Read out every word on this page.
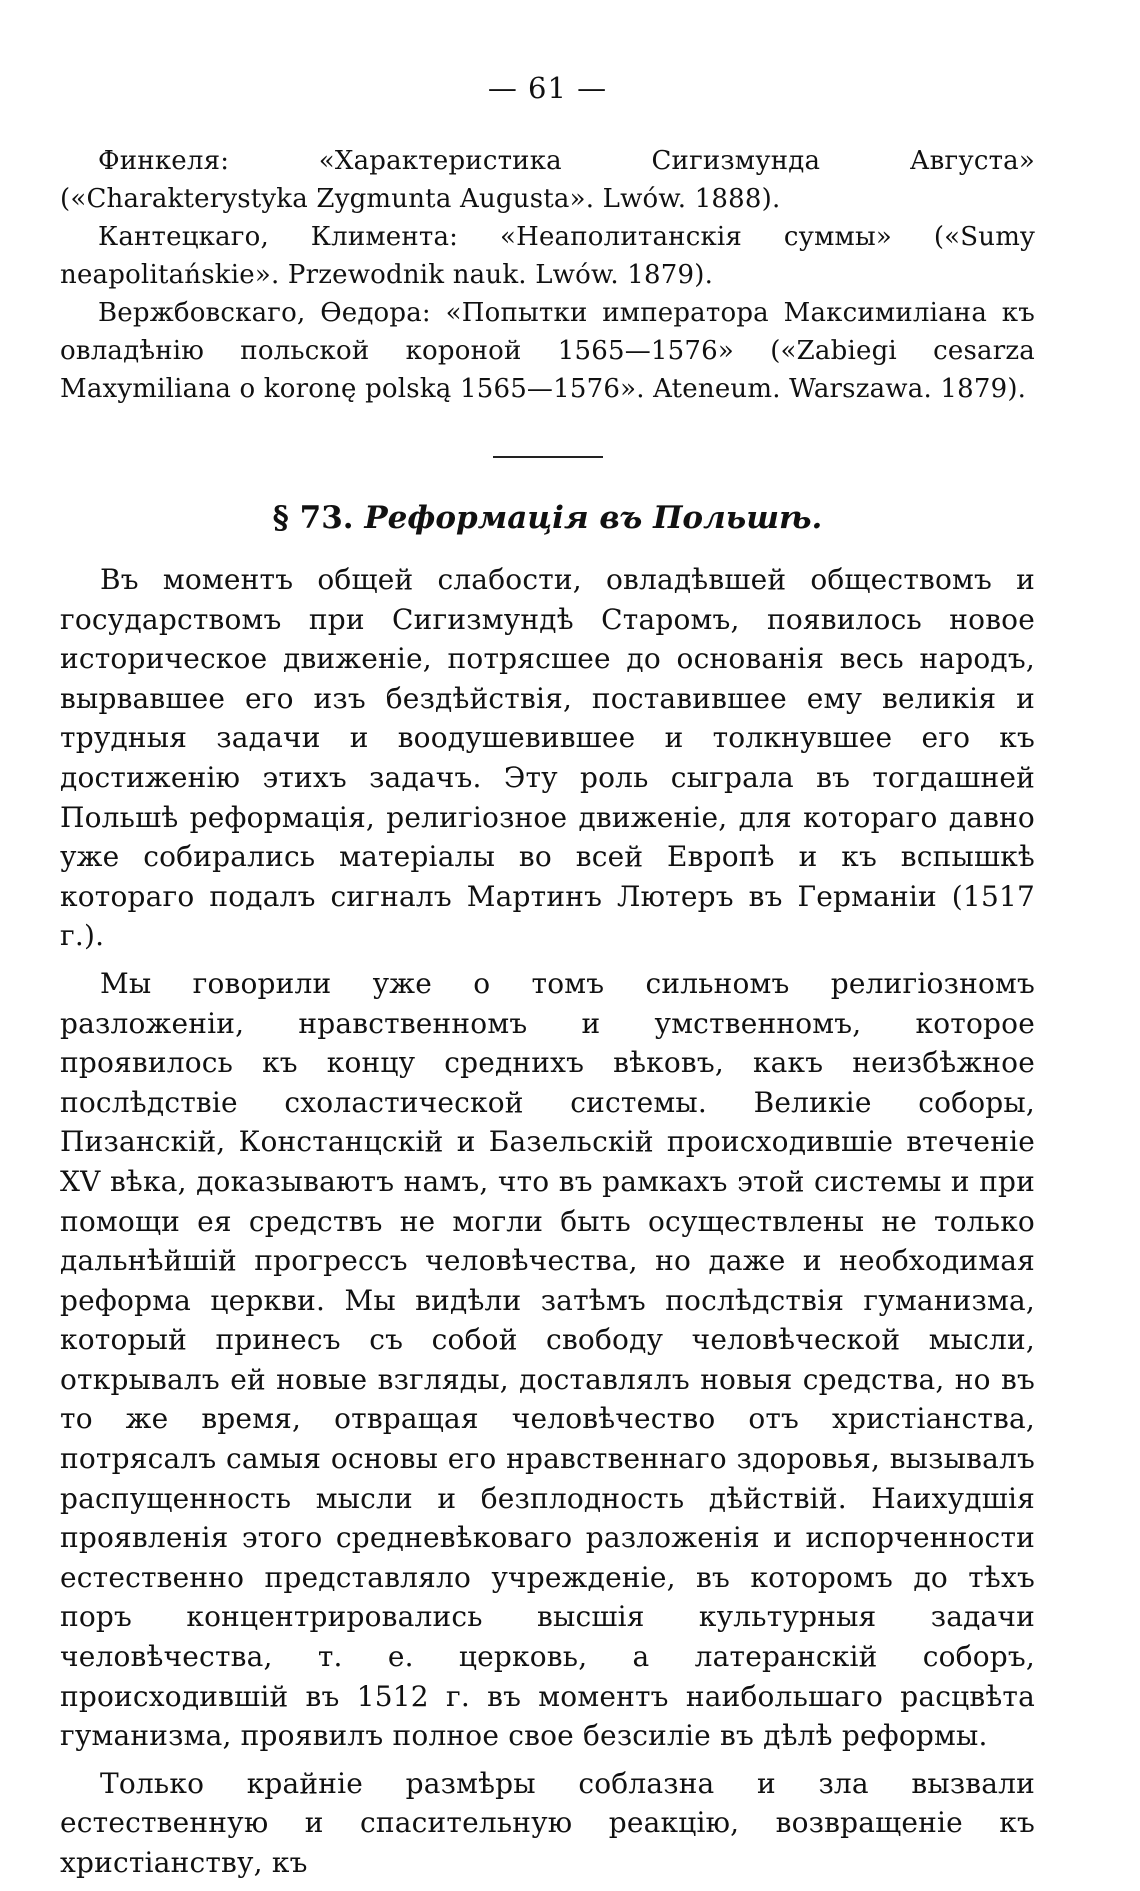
— 61 —

Финкеля: «Характеристика Сигизмунда Августа» («Charakterystyka Zygmunta Augusta». Lwów. 1888).

Кантецкаго, Климента: «Неаполитанскія суммы» («Sumy neapolitańskie». Przewodnik nauk. Lwów. 1879).

Вержбовскаго, Өедора: «Попытки императора Максимиліана къ овладѣнію польской короной 1565—1576» («Zabiegi cesarza Maxymiliana o koronę polską 1565—1576». Ateneum. Warszawa. 1879).

§ 73. Реформація въ Польшѣ.

Въ моментъ общей слабости, овладѣвшей обществомъ и государствомъ при Сигизмундѣ Старомъ, появилось новое историческое движеніе, потрясшее до основанія весь народъ, вырвавшее его изъ бездѣйствія, поставившее ему великія и трудныя задачи и воодушевившее и толкнувшее его къ достиженію этихъ задачъ. Эту роль сыграла въ тогдашней Польшѣ реформація, религіозное движеніе, для котораго давно уже собирались матеріалы во всей Европѣ и къ вспышкѣ котораго подалъ сигналъ Мартинъ Лютеръ въ Германіи (1517 г.).

Мы говорили уже о томъ сильномъ религіозномъ разложеніи, нравственномъ и умственномъ, которое проявилось къ концу среднихъ вѣковъ, какъ неизбѣжное послѣдствіе схоластической системы. Великіе соборы, Пизанскій, Констанцскій и Базельскій происходившіе втеченіе XV вѣка, доказываютъ намъ, что въ рамкахъ этой системы и при помощи ея средствъ не могли быть осуществлены не только дальнѣйшій прогрессъ человѣчества, но даже и необходимая реформа церкви. Мы видѣли затѣмъ послѣдствія гуманизма, который принесъ съ собой свободу человѣческой мысли, открывалъ ей новые взгляды, доставлялъ новыя средства, но въ то же время, отвращая человѣчество отъ христіанства, потрясалъ самыя основы его нравственнаго здоровья, вызывалъ распущенность мысли и безплодность дѣйствій. Наихудшія проявленія этого средневѣковаго разложенія и испорченности естественно представляло учрежденіе, въ которомъ до тѣхъ поръ концентрировались высшія культурныя задачи человѣчества, т. е. церковь, а латеранскій соборъ, происходившій въ 1512 г. въ моментъ наибольшаго расцвѣта гуманизма, проявилъ полное свое безсиліе въ дѣлѣ реформы.

Только крайніе размѣры соблазна и зла вызвали естественную и спасительную реакцію, возвращеніе къ христіанству, къ
